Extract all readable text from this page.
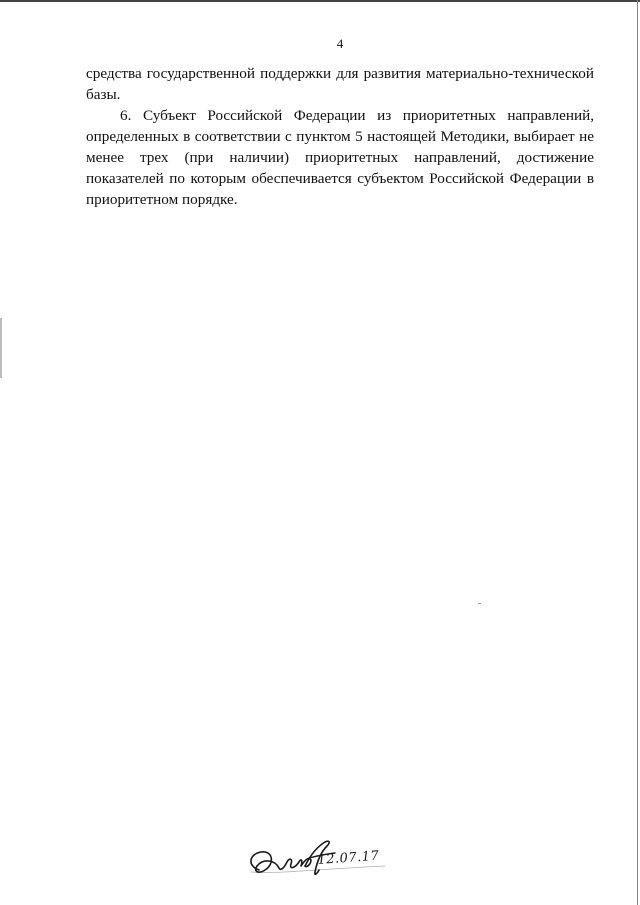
4

средства государственной поддержки для развития материально-технической базы.

6. Субъект Российской Федерации из приоритетных направлений, определенных в соответствии с пунктом 5 настоящей Методики, выбирает не менее трех (при наличии) приоритетных направлений, достижение показателей по которым обеспечивается субъектом Российской Федерации в приоритетном порядке.

12.07.17
